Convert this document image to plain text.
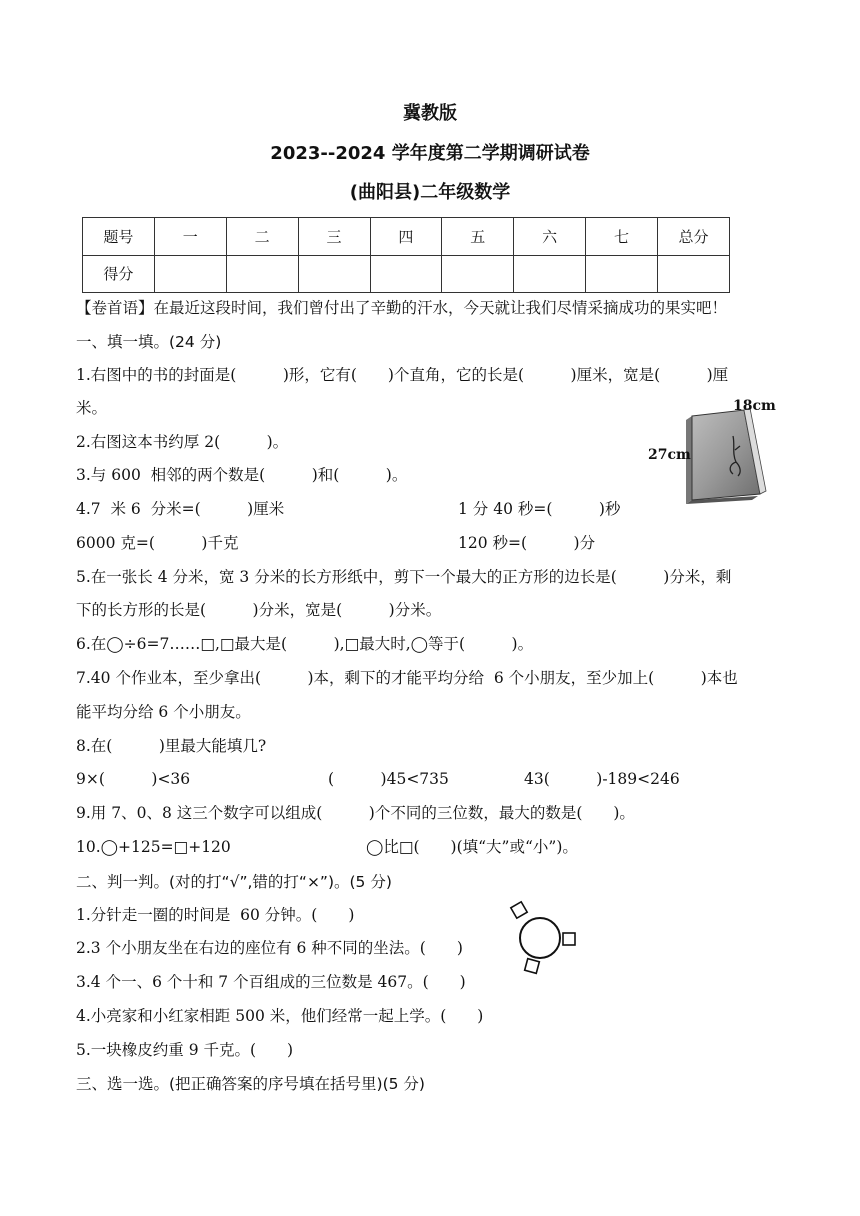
冀教版
2023--2024 学年度第二学期调研试卷
(曲阳县)二年级数学
题号	一	二	三	四	五	六	七	总分
得分								
【卷首语】在最近这段时间，我们曾付出了辛勤的汗水，今天就让我们尽情采摘成功的果实吧！
一、填一填。(24 分)
1.右图中的书的封面是(　　　)形，它有(　　)个直角，它的长是(　　　)厘米，宽是(　　　)厘
米。
2.右图这本书约厚 2(　　　)。
3.与 600  相邻的两个数是(　　　)和(　　　)。
4.7  米 6  分米=(　　　)厘米	1 分 40 秒=(　　　)秒
6000 克=(　　　)千克	120 秒=(　　　)分
5.在一张长 4 分米，宽 3 分米的长方形纸中，剪下一个最大的正方形的边长是(　　　)分米，剩
下的长方形的长是(　　　)分米，宽是(　　　)分米。
6.在◯÷6=7……□,□最大是(　　　),□最大时,◯等于(　　　)。
7.40 个作业本，至少拿出(　　　)本，剩下的才能平均分给  6 个小朋友，至少加上(　　　)本也
能平均分给 6 个小朋友。
8.在(　　　)里最大能填几?
9×(　　　)<36	(　　　)45<735	43(　　　)-189<246
9.用 7、0、8 这三个数字可以组成(　　　)个不同的三位数，最大的数是(　　)。
10.◯+125=□+120	◯比□(　　)(填“大”或“小”)。
18cm
27cm
二、判一判。(对的打“√”,错的打“×”)。(5 分)
1.分针走一圈的时间是  60 分钟。(　　)
2.3 个小朋友坐在右边的座位有 6 种不同的坐法。(　　)
3.4 个一、6 个十和 7 个百组成的三位数是 467。(　　)
4.小亮家和小红家相距 500 米，他们经常一起上学。(　　)
5.一块橡皮约重 9 千克。(　　)
三、选一选。(把正确答案的序号填在括号里)(5 分)
